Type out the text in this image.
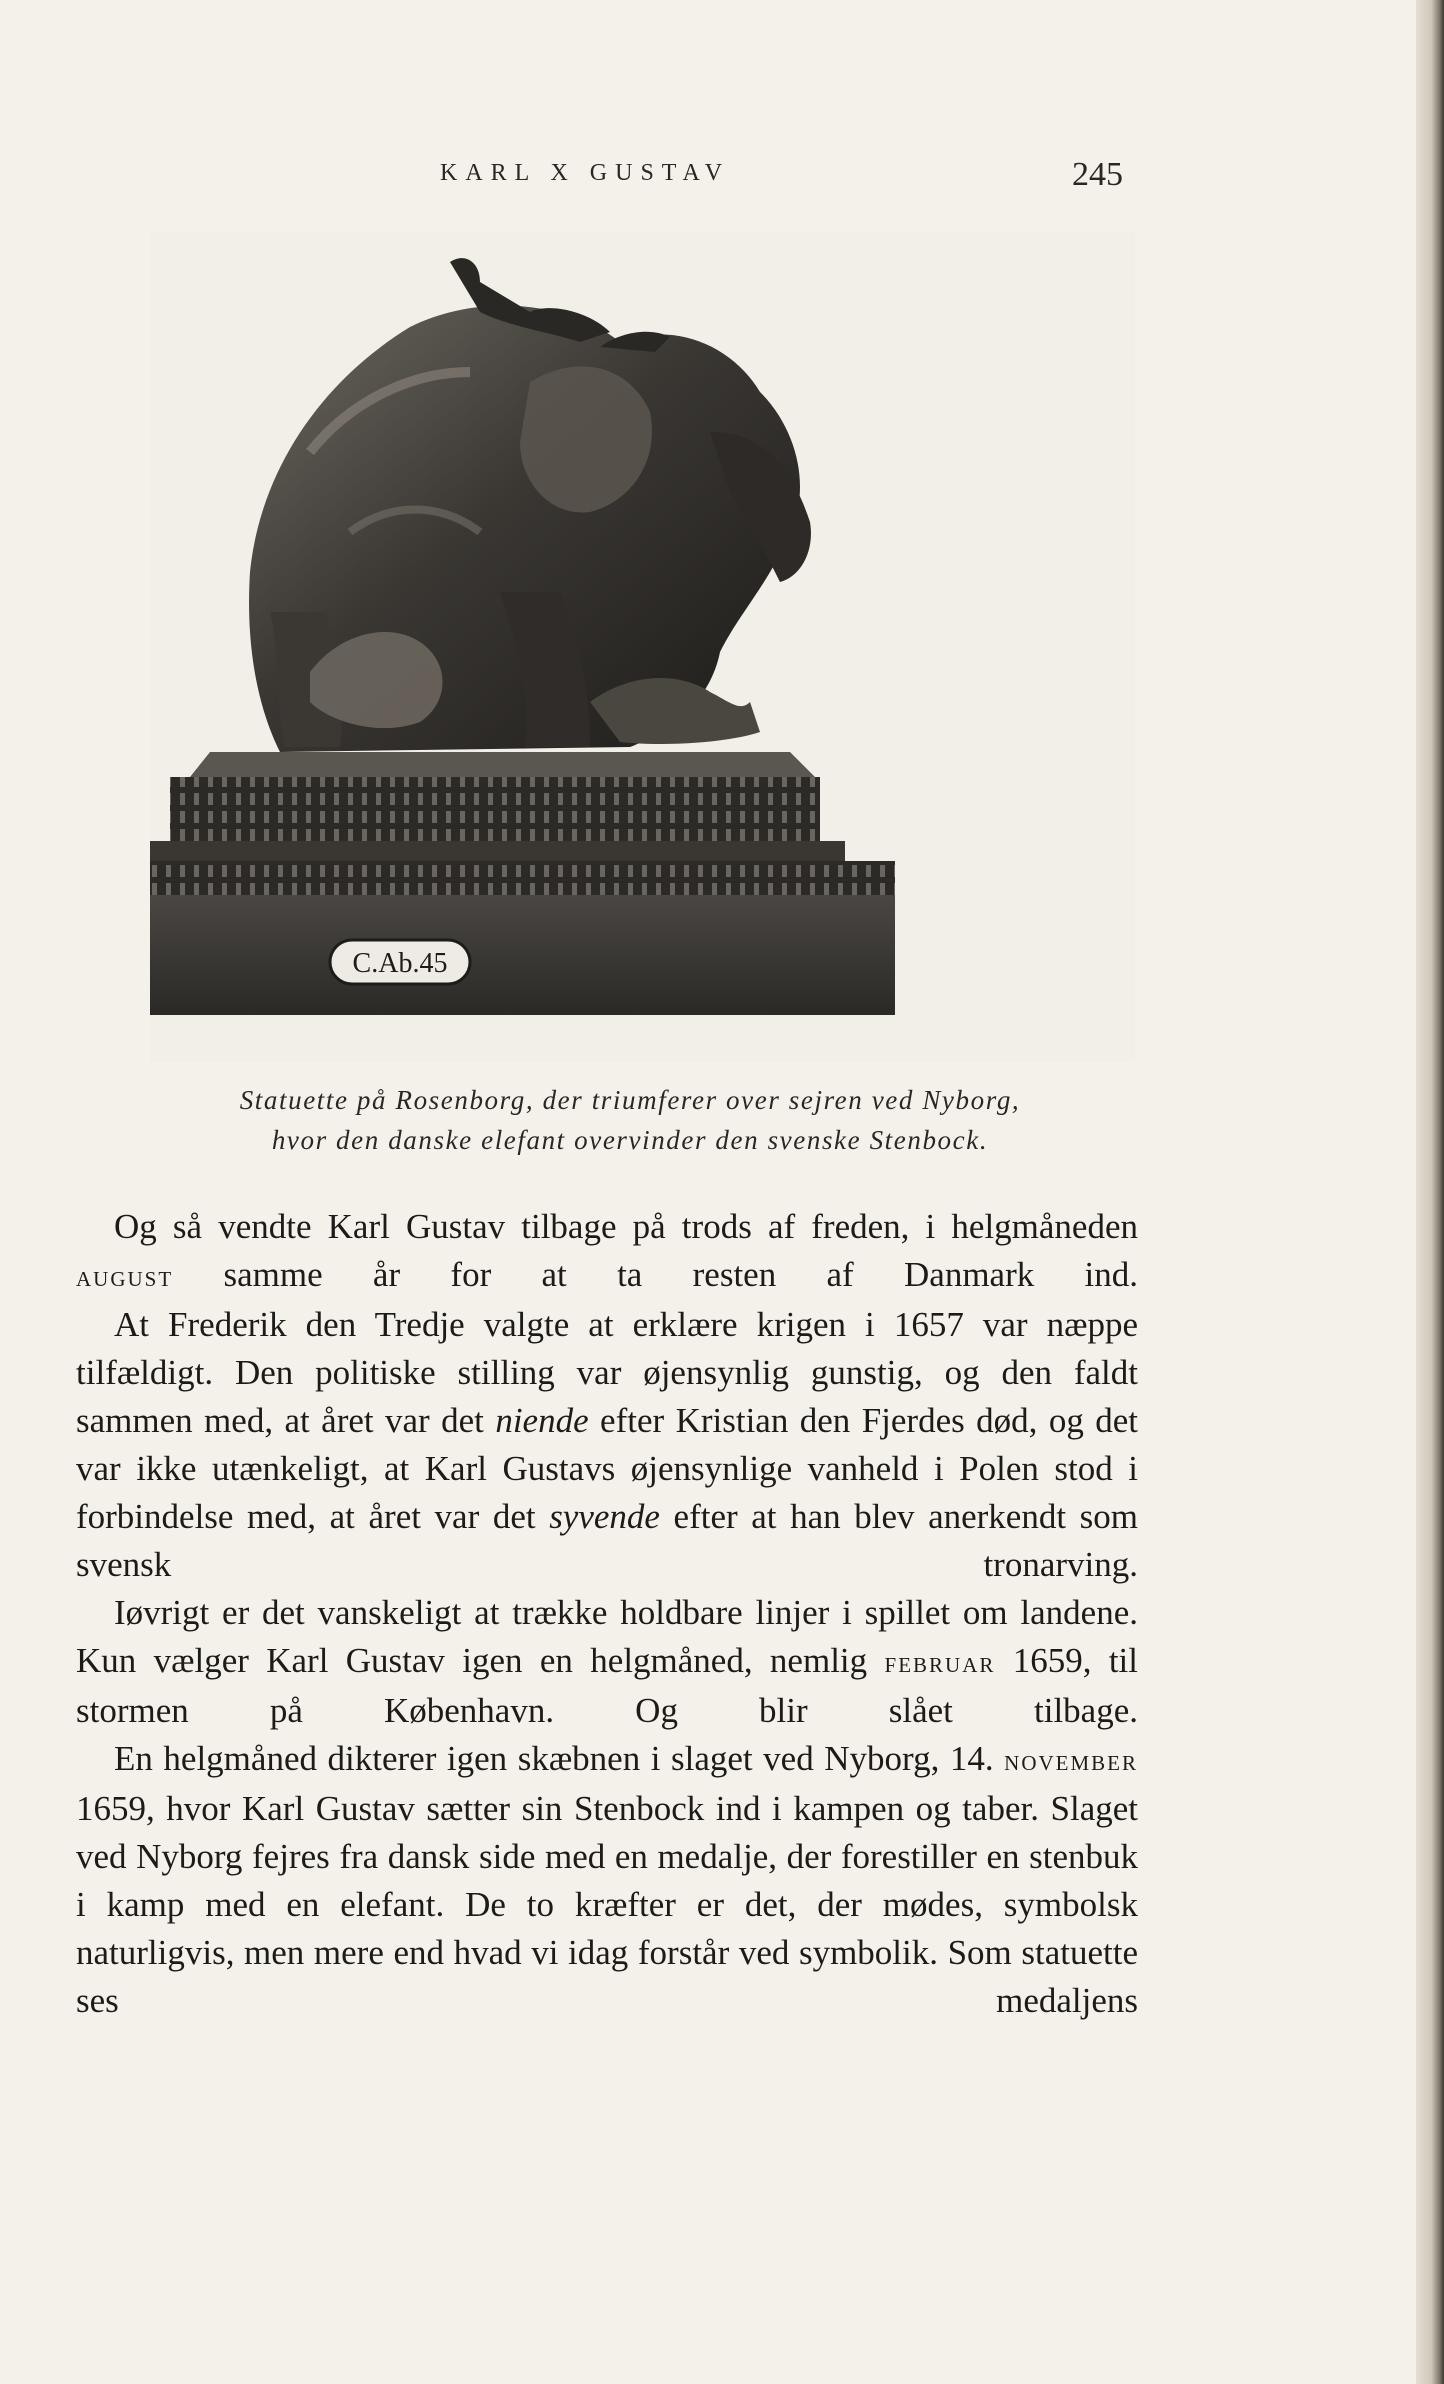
KARL X GUSTAV	245
C.Ab.45
Statuette på Rosenborg, der triumferer over sejren ved Nyborg,
hvor den danske elefant overvinder den svenske Stenbock.

Og så vendte Karl Gustav tilbage på trods af freden, i helgmåneden august samme år for at ta resten af Danmark ind.

At Frederik den Tredje valgte at erklære krigen i 1657 var næppe tilfældigt. Den politiske stilling var øjensynlig gunstig, og den faldt sammen med, at året var det niende efter Kristian den Fjerdes død, og det var ikke utænkeligt, at Karl Gustavs øjensynlige vanheld i Polen stod i forbindelse med, at året var det syvende efter at han blev anerkendt som svensk tronarving.

Iøvrigt er det vanskeligt at trække holdbare linjer i spillet om landene. Kun vælger Karl Gustav igen en helgmåned, nemlig februar 1659, til stormen på København. Og blir slået tilbage.

En helgmåned dikterer igen skæbnen i slaget ved Nyborg, 14. november 1659, hvor Karl Gustav sætter sin Stenbock ind i kampen og taber. Slaget ved Nyborg fejres fra dansk side med en medalje, der forestiller en stenbuk i kamp med en elefant. De to kræfter er det, der mødes, symbolsk naturligvis, men mere end hvad vi idag forstår ved symbolik. Som statuette ses medaljens
